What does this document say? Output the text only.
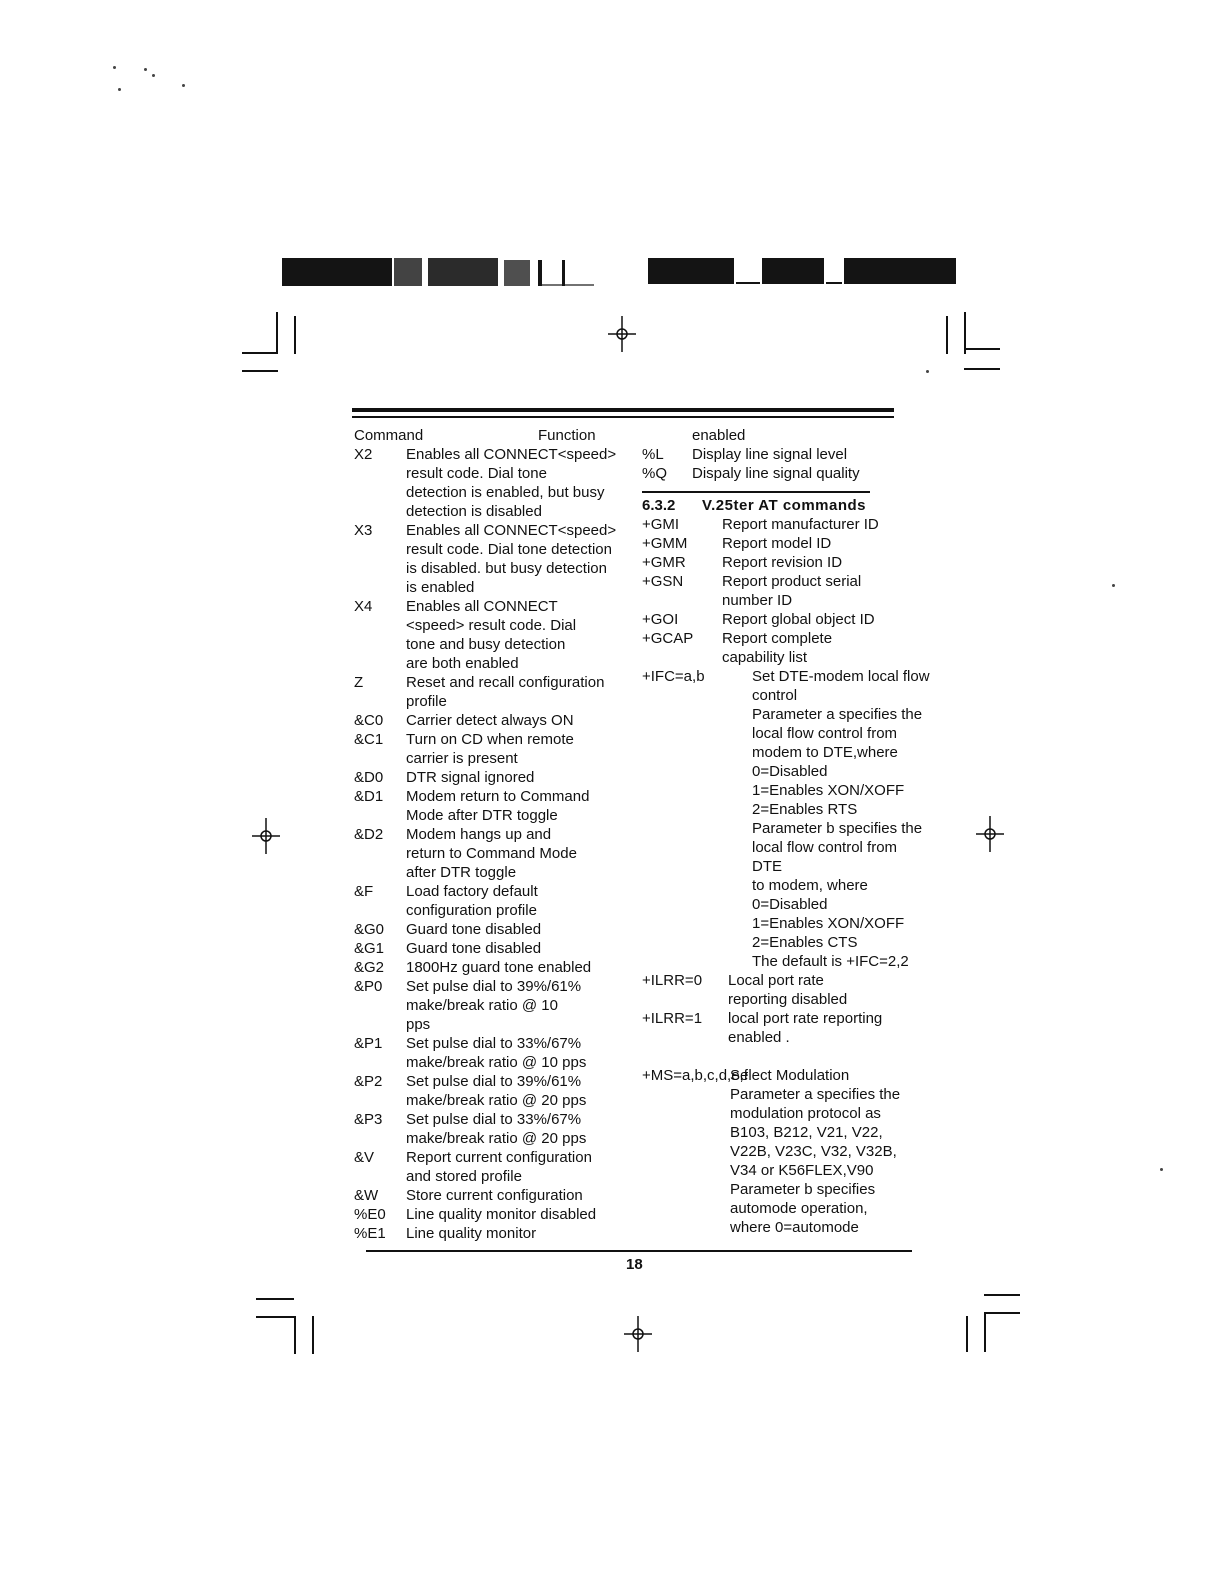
Command	Function
X2 Enables all CONNECT<speed>
result code. Dial tone
detection is enabled, but busy
detection is disabled
X3 Enables all CONNECT<speed>
result code. Dial tone detection
is disabled. but busy detection
is enabled
X4 Enables all CONNECT
<speed> result code. Dial
tone and busy detection
are both enabled
Z	Reset and recall configuration
profile
&C0 Carrier detect always ON
&C1 Turn on CD when remote
carrier is present
&D0 DTR signal ignored
&D1 Modem return to Command
Mode after DTR toggle
&D2 Modem hangs up and
return to Command Mode
after DTR toggle
&F Load factory default
configuration profile
&G0 Guard tone disabled
&G1 Guard tone disabled
&G2 1800Hz guard tone enabled
&P0 Set pulse dial to 39%/61%
make/break ratio @ 10
pps
&P1 Set pulse dial to 33%/67%
make/break ratio @ 10 pps
&P2 Set pulse dial to 39%/61%
make/break ratio @ 20 pps
&P3 Set pulse dial to 33%/67%
make/break ratio @ 20 pps
&V Report current configuration
and stored profile
&W Store current configuration
%E0 Line quality monitor disabled
%E1 Line quality monitor
enabled
%L Display line signal level
%Q Dispaly line signal quality
6.3.2 V.25ter AT commands
+GMI	Report manufacturer ID
+GMM Report model ID
+GMR Report revision ID
+GSN	Report product serial
number ID
+GOI	Report global object ID
+GCAP Report complete
capability list
+IFC=a,b	Set DTE-modem local flow
control
Parameter a specifies the
local flow control from
modem to DTE,where
0=Disabled
1=Enables XON/XOFF
2=Enables RTS
Parameter b specifies the
local flow control from
DTE
to modem, where
0=Disabled
1=Enables XON/XOFF
2=Enables CTS
The default is +IFC=2,2
+ILRR=0 Local port rate
reporting disabled
+ILRR=1 local port rate reporting
enabled .
+MS=a,b,c,d,e,f
Select Modulation
Parameter a specifies the
modulation protocol as
B103, B212, V21, V22,
V22B, V23C, V32, V32B,
V34 or K56FLEX,V90
Parameter b specifies
automode operation,
where 0=automode
18
